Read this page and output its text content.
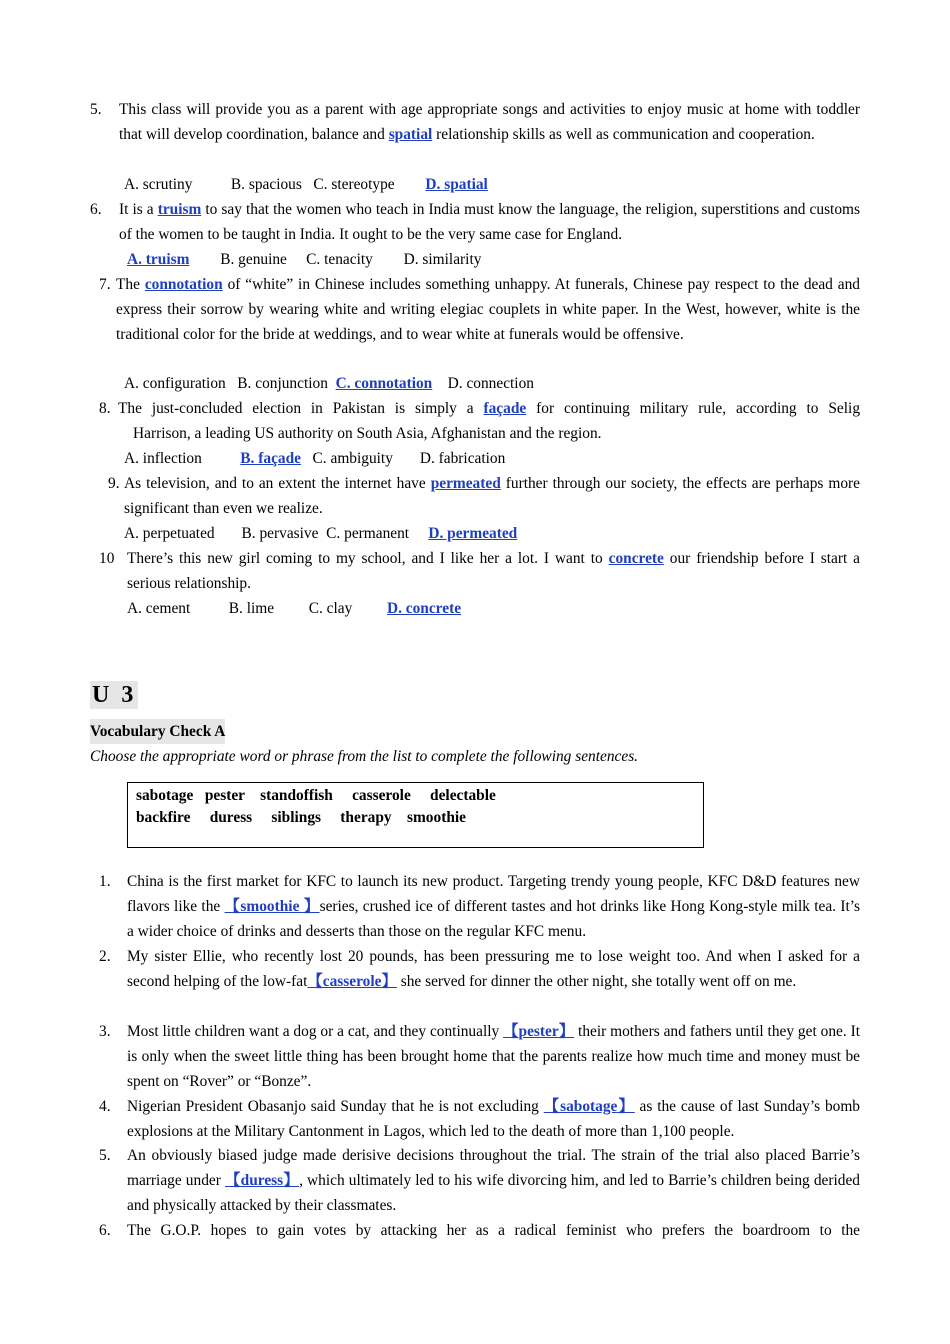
5. This class will provide you as a parent with age appropriate songs and activities to enjoy music at home with toddler that will develop coordination, balance and spatial relationship skills as well as communication and cooperation.
A. scrutiny B. spacious C. stereotype D. spatial
6. It is a truism to say that the women who teach in India must know the language, the religion, superstitions and customs of the women to be taught in India. It ought to be the very same case for England.
A. truism B. genuine C. tenacity D. similarity
7. The connotation of “white” in Chinese includes something unhappy. At funerals, Chinese pay respect to the dead and express their sorrow by wearing white and writing elegiac couplets in white paper. In the West, however, white is the traditional color for the bride at weddings, and to wear white at funerals would be offensive.
A. configuration B. conjunction C. connotation D. connection
8. The just-concluded election in Pakistan is simply a façade for continuing military rule, according to Selig
Harrison, a leading US authority on South Asia, Afghanistan and the region.
A. inflection B. façade C. ambiguity D. fabrication
9. As television, and to an extent the internet have permeated further through our society, the effects are perhaps more significant than even we realize.
A. perpetuated B. pervasive C. permanent D. permeated
10 There’s this new girl coming to my school, and I like her a lot. I want to concrete our friendship before I start a serious relationship.
A. cement B. lime C. clay D. concrete
U 3
Vocabulary Check A
Choose the appropriate word or phrase from the list to complete the following sentences.
sabotage pester standoffish casserole delectable
backfire duress siblings therapy smoothie
1. China is the first market for KFC to launch its new product. Targeting trendy young people, KFC D&D features new flavors like the 【smoothie 】series, crushed ice of different tastes and hot drinks like Hong Kong-style milk tea. It’s a wider choice of drinks and desserts than those on the regular KFC menu.
2. My sister Ellie, who recently lost 20 pounds, has been pressuring me to lose weight too. And when I asked for a second helping of the low-fat【casserole】 she served for dinner the other night, she totally went off on me.
3. Most little children want a dog or a cat, and they continually 【pester】 their mothers and fathers until they get one. It is only when the sweet little thing has been brought home that the parents realize how much time and money must be spent on “Rover” or “Bonze”.
4. Nigerian President Obasanjo said Sunday that he is not excluding 【sabotage】 as the cause of last Sunday’s bomb explosions at the Military Cantonment in Lagos, which led to the death of more than 1,100 people.
5. An obviously biased judge made derisive decisions throughout the trial. The strain of the trial also placed Barrie’s marriage under 【duress】, which ultimately led to his wife divorcing him, and led to Barrie’s children being derided and physically attacked by their classmates.
6. The G.O.P. hopes to gain votes by attacking her as a radical feminist who prefers the boardroom to the
